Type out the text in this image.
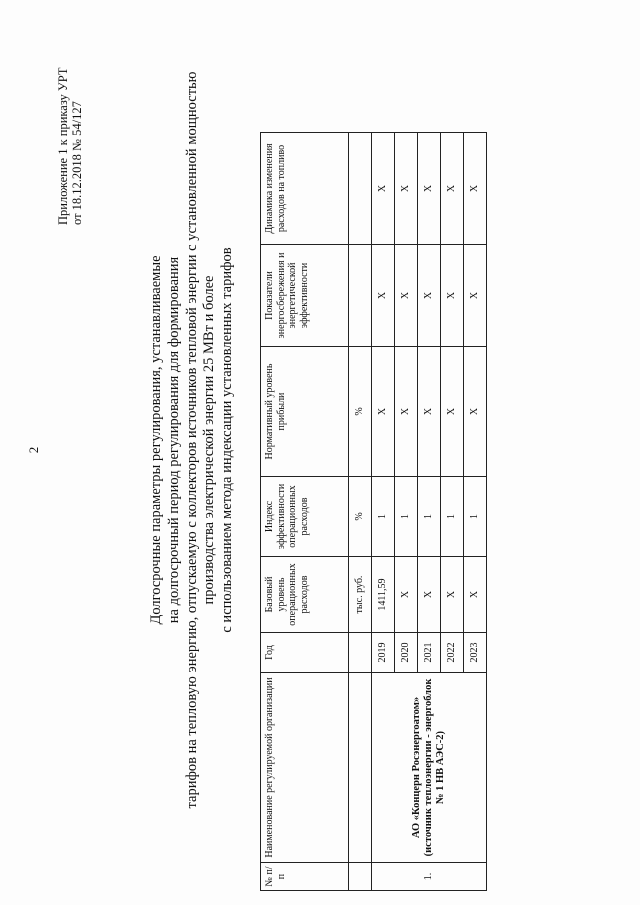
2
Приложение 1 к приказу УРТ от 18.12.2018 № 54/127
Долгосрочные параметры регулирования, устанавливаемые на долгосрочный период регулирования для формирования тарифов на тепловую энергию, отпускаемую с коллекторов источников тепловой энергии с установленной мощностью производства электрической энергии 25 МВт и более с использованием метода индексации установленных тарифов
№ п/п	Наименование регулируемой организации	Год	Базовый уровень операционных расходов	Индекс эффективности операционных расходов	Нормативный уровень прибыли	Показатели энергосбережения и энергетической эффективности	Динамика изменения расходов на топливо
			тыс. руб.	%	%		
1.	АО «Концерн Росэнергоатом» (источник теплоэнергии - энергоблок № 1 НВ АЭС-2)	2019	1411,59	1	Х	Х	Х
		2020	Х	1	Х	Х	Х
		2021	Х	1	Х	Х	Х
		2022	Х	1	Х	Х	Х
		2023	Х	1	Х	Х	Х
